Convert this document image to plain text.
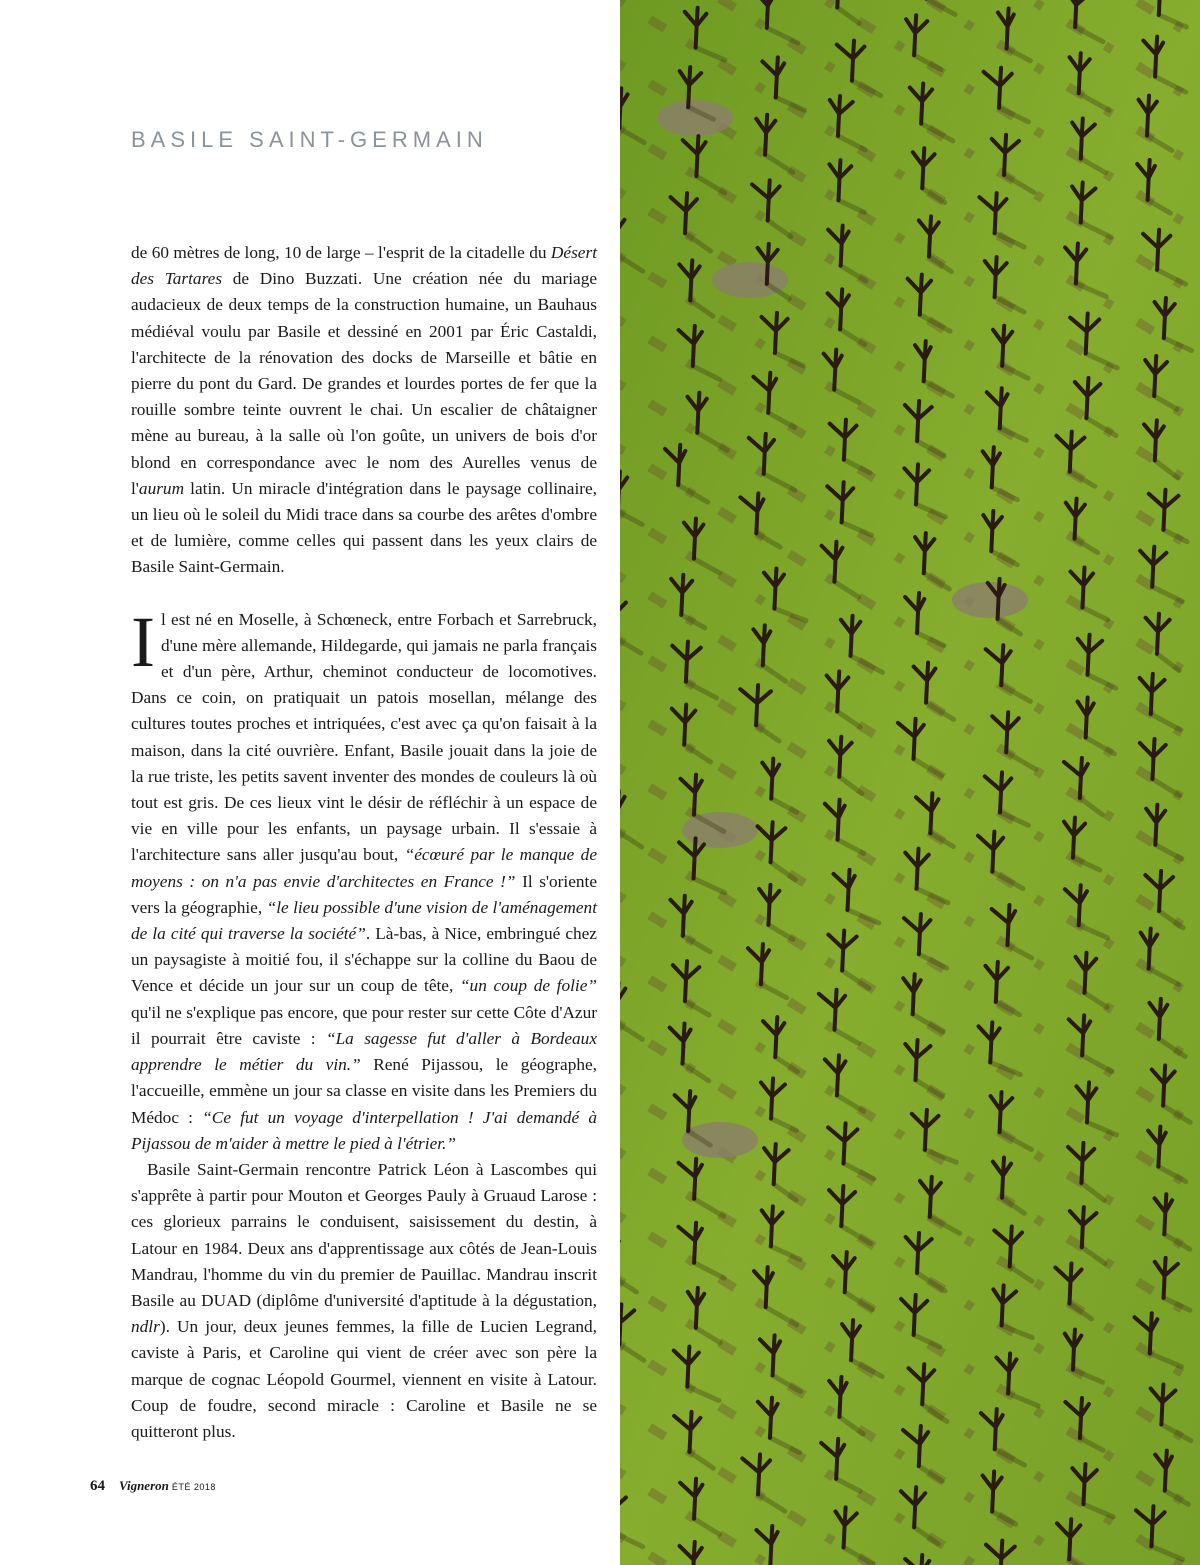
BASILE SAINT-GERMAIN

de 60 mètres de long, 10 de large – l'esprit de la citadelle du Désert des Tartares de Dino Buzzati. Une création née du mariage audacieux de deux temps de la construction humaine, un Bauhaus médiéval voulu par Basile et dessiné en 2001 par Éric Castaldi, l'architecte de la rénovation des docks de Marseille et bâtie en pierre du pont du Gard. De grandes et lourdes portes de fer que la rouille sombre teinte ouvrent le chai. Un escalier de châtaigner mène au bureau, à la salle où l'on goûte, un univers de bois d'or blond en correspondance avec le nom des Aurelles venus de l'aurum latin. Un miracle d'intégration dans le paysage collinaire, un lieu où le soleil du Midi trace dans sa courbe des arêtes d'ombre et de lumière, comme celles qui passent dans les yeux clairs de Basile Saint-Germain.

Il est né en Moselle, à Schœneck, entre Forbach et Sarrebruck, d'une mère allemande, Hildegarde, qui jamais ne parla français et d'un père, Arthur, cheminot conducteur de locomotives. Dans ce coin, on pratiquait un patois mosellan, mélange des cultures toutes proches et intriquées, c'est avec ça qu'on faisait à la maison, dans la cité ouvrière. Enfant, Basile jouait dans la joie de la rue triste, les petits savent inventer des mondes de couleurs là où tout est gris. De ces lieux vint le désir de réfléchir à un espace de vie en ville pour les enfants, un paysage urbain. Il s'essaie à l'architecture sans aller jusqu'au bout, “écœuré par le manque de moyens : on n'a pas envie d'architectes en France !” Il s'oriente vers la géographie, “le lieu possible d'une vision de l'aménagement de la cité qui traverse la société”. Là-bas, à Nice, embringué chez un paysagiste à moitié fou, il s'échappe sur la colline du Baou de Vence et décide un jour sur un coup de tête, “un coup de folie” qu'il ne s'explique pas encore, que pour rester sur cette Côte d'Azur il pourrait être caviste : “La sagesse fut d'aller à Bordeaux apprendre le métier du vin.” René Pijassou, le géographe, l'accueille, emmène un jour sa classe en visite dans les Premiers du Médoc : “Ce fut un voyage d'interpellation ! J'ai demandé à Pijassou de m'aider à mettre le pied à l'étrier.”

Basile Saint-Germain rencontre Patrick Léon à Lascombes qui s'apprête à partir pour Mouton et Georges Pauly à Gruaud Larose : ces glorieux parrains le conduisent, saisissement du destin, à Latour en 1984. Deux ans d'apprentissage aux côtés de Jean-Louis Mandrau, l'homme du vin du premier de Pauillac. Mandrau inscrit Basile au DUAD (diplôme d'université d'aptitude à la dégustation, ndlr). Un jour, deux jeunes femmes, la fille de Lucien Legrand, caviste à Paris, et Caroline qui vient de créer avec son père la marque de cognac Léopold Gourmel, viennent en visite à Latour. Coup de foudre, second miracle : Caroline et Basile ne se quitteront plus.

64 Vigneron ÉTÉ 2018
